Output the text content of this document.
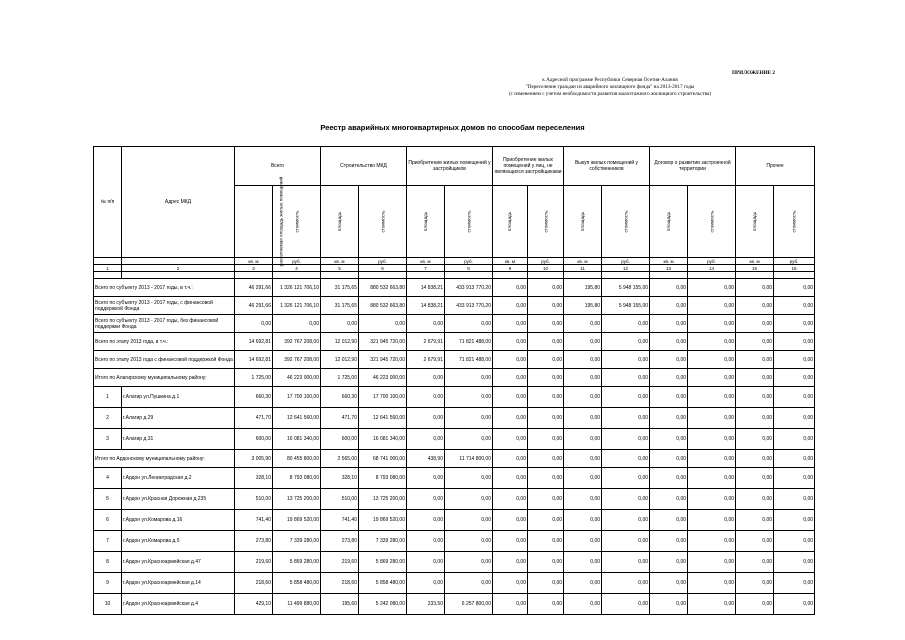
ПРИЛОЖЕНИЕ 2
к Адресной программе Республики Северная Осетия-Алания
"Переселение граждан из аварийного жилищного фонда" на 2013-2017 годы
(с изменением с учетом необходимости развития малоэтажного жилищного строительства)
Реестр аварийных многоквартирных домов по способам переселения
№ п/п	Адрес МКД	Всего		Строительство МКД		Приобретение жилых помещений у застройщиков		Приобретение жилых помещений у лиц, не являющихся застройщиками		Выкуп жилых помещений у собственников		Договор о развитии застроенной территории		Прочее	
		расселяемая площадь жилых помещений	стоимость	площадь	стоимость	площадь	стоимость	площадь	стоимость	площадь	стоимость	площадь	стоимость	площадь	стоимость
		кв. м	руб.	кв. м	руб.	кв. м	руб.	кв. м	руб.	кв. м	руб.	кв. м	руб.	кв. м	руб.
1	2	3	4	5	6	7	8	9	10	11	12	13	14	15	16

Всего по субъекту 2013 - 2017 годы, в т.ч.:		46 291,66	1 326 121 706,10	31 175,65	880 532 663,80	14 838,21	433 913 770,20	0,00	0,00	195,80	5 948 155,00	0,00	0,00	0,00	0,00
Всего по субъекту 2013 - 2017 годы, с финансовой поддержкой Фонда		46 291,66	1 326 121 706,10	31 175,65	880 532 663,80	14 838,21	433 913 770,20	0,00	0,00	195,80	5 948 155,00	0,00	0,00	0,00	0,00
Всего по субъекту 2013 - 2017 годы, без финансовой поддержки Фонда		0,00	0,00	0,00	0,00	0,00	0,00	0,00	0,00	0,00	0,00	0,00	0,00	0,00	0,00
Всего по этапу 2013 года, в т.ч.:		14 692,81	392 767 208,00	12 012,90	321 945 720,00	2 679,91	71 821 488,00	0,00	0,00	0,00	0,00	0,00	0,00	0,00	0,00
Всего по этапу 2013 года с финансовой поддержкой Фонда		14 692,81	392 767 208,00	12 012,90	321 945 720,00	2 679,91	71 821 488,00	0,00	0,00	0,00	0,00	0,00	0,00	0,00	0,00
Итого по Алагирскому муниципальному району:		1 725,00	46 223 000,00	1 725,00	46 223 000,00	0,00	0,00	0,00	0,00	0,00	0,00	0,00	0,00	0,00	0,00
1	г.Алагир ул.Пушкина д.1	660,30	17 700 100,00	660,30	17 700 100,00	0,00	0,00	0,00	0,00	0,00	0,00	0,00	0,00	0,00	0,00
2	г.Алагир д.29	471,70	12 641 560,00	471,70	12 641 560,00	0,00	0,00	0,00	0,00	0,00	0,00	0,00	0,00	0,00	0,00
3	г.Алагир д.31	600,00	16 081 340,00	600,00	16 081 340,00	0,00	0,00	0,00	0,00	0,00	0,00	0,00	0,00	0,00	0,00
Итого по Ардонскому муниципальному району:		3 005,90	80 455 800,00	2 565,00	68 741 000,00	438,90	11 714 800,00	0,00	0,00	0,00	0,00	0,00	0,00	0,00	0,00
4	г.Ардон ул.Ленинградская д.2	328,10	8 793 080,00	328,10	8 793 080,00	0,00	0,00	0,00	0,00	0,00	0,00	0,00	0,00	0,00	0,00
5	г.Ардон ул.Красная Дорожная д.235	510,00	13 725 200,00	510,00	13 725 200,00	0,00	0,00	0,00	0,00	0,00	0,00	0,00	0,00	0,00	0,00
6	г.Ардон ул.Комарова д.16	741,40	19 869 520,00	741,40	19 869 520,00	0,00	0,00	0,00	0,00	0,00	0,00	0,00	0,00	0,00	0,00
7	г.Ардон ул.Комарова д.5	273,80	7 339 280,00	273,80	7 339 280,00	0,00	0,00	0,00	0,00	0,00	0,00	0,00	0,00	0,00	0,00
8	г.Ардон ул.Красноармейская д.47	219,60	5 869 280,00	219,60	5 869 280,00	0,00	0,00	0,00	0,00	0,00	0,00	0,00	0,00	0,00	0,00
9	г.Ардон ул.Красноармейская д.14	218,60	5 858 480,00	218,60	5 858 480,00	0,00	0,00	0,00	0,00	0,00	0,00	0,00	0,00	0,00	0,00
10	г.Ардон ул.Красноармейская д.4	429,10	11 499 880,00	195,60	5 242 080,00	233,50	6 257 800,00	0,00	0,00	0,00	0,00	0,00	0,00	0,00	0,00
